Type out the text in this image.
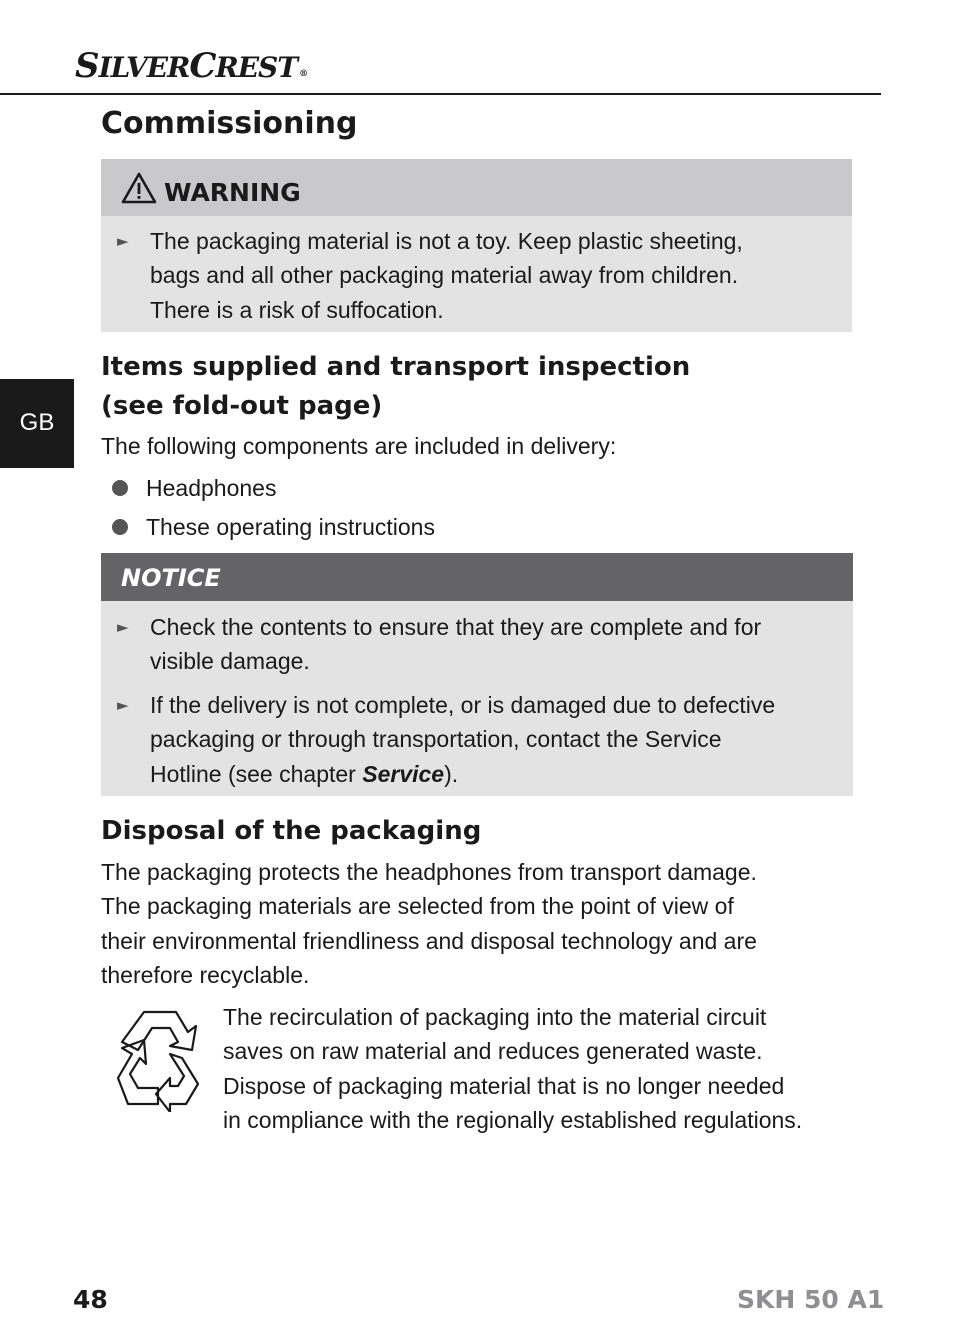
SILVERCREST ®
GB
Commissioning
WARNING
► The packaging material is not a toy. Keep plastic sheeting,
bags and all other packaging material away from children.
There is a risk of suffocation.
Items supplied and transport inspection
(see fold-out page)
The following components are included in delivery:
Headphones
These operating instructions
NOTICE
► Check the contents to ensure that they are complete and for
visible damage.
► If the delivery is not complete, or is damaged due to defective
packaging or through transportation, contact the Service
Hotline (see chapter Service).
Disposal of the packaging
The packaging protects the headphones from transport damage.
The packaging materials are selected from the point of view of
their environmental friendliness and disposal technology and are
therefore recyclable.
The recirculation of packaging into the material circuit
saves on raw material and reduces generated waste.
Dispose of packaging material that is no longer needed
in compliance with the regionally established regulations.
48	SKH 50 A1
